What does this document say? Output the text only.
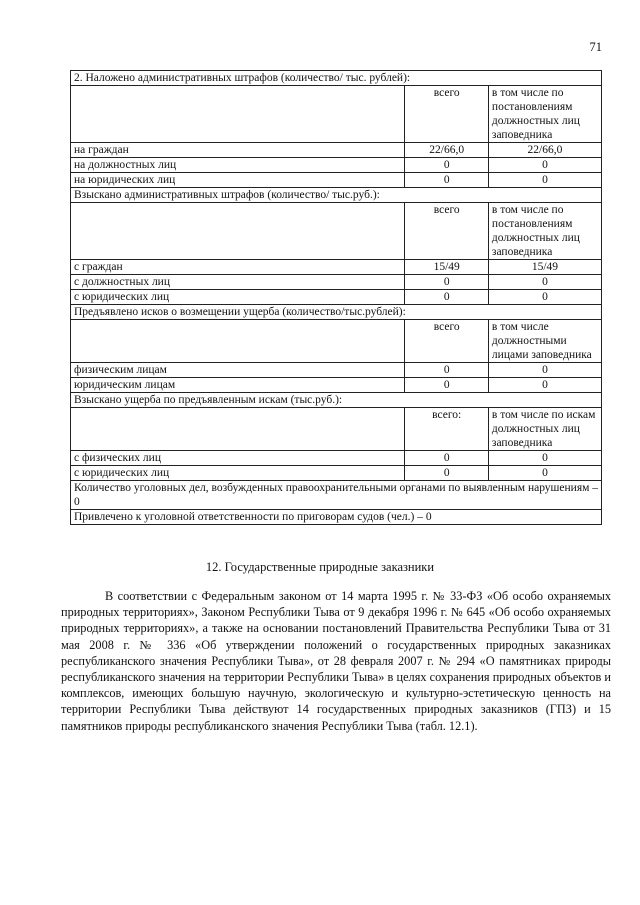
71
2. Наложено административных штрафов (количество/ тыс. рублей):		
	всего	в том числе по постановлениям должностных лиц заповедника
на граждан	22/66,0	22/66,0
на должностных лиц	0	0
на юридических лиц	0	0
Взыскано административных штрафов (количество/ тыс.руб.):		
	всего	в том числе по постановлениям должностных лиц заповедника
с граждан	15/49	15/49
с должностных лиц	0	0
с юридических лиц	0	0
Предъявлено исков о возмещении ущерба (количество/тыс.рублей):		
	всего	в том числе должностными лицами заповедника
физическим лицам	0	0
юридическим лицам	0	0
Взыскано ущерба по предъявленным искам (тыс.руб.):		
	всего:	в том числе по искам должностных лиц заповедника
с физических лиц	0	0
с юридических лиц	0	0
Количество уголовных дел, возбужденных правоохранительными органами по выявленным нарушениям – 0		
Привлечено к уголовной ответственности по приговорам судов (чел.) – 0		
12. Государственные природные заказники
В соответствии с Федеральным законом от 14 марта 1995 г. № 33-ФЗ «Об особо охраняемых природных территориях», Законом Республики Тыва от 9 декабря 1996 г. № 645 «Об особо охраняемых природных территориях», а также на основании постановлений Правительства Республики Тыва от 31 мая 2008 г. № 336 «Об утверждении положений о государственных природных заказниках республиканского значения Республики Тыва», от 28 февраля 2007 г. № 294 «О памятниках природы республиканского значения на территории Республики Тыва» в целях сохранения природных объектов и комплексов, имеющих большую научную, экологическую и культурно-эстетическую ценность на территории Республики Тыва действуют 14 государственных природных заказников (ГПЗ) и 15 памятников природы республиканского значения Республики Тыва (табл. 12.1).
